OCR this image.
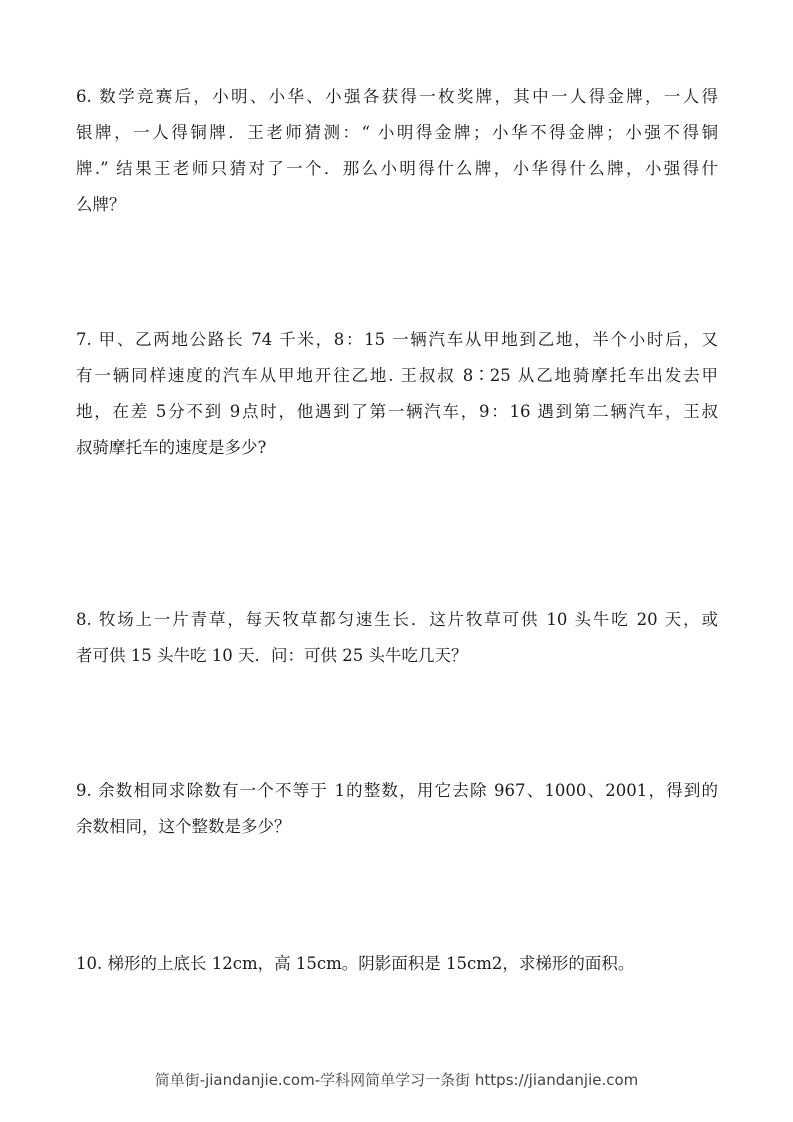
6. 数学竞赛后，小明、小华、小强各获得一枚奖牌，其中一人得金牌，一人得
银牌，一人得铜牌．王老师猜测：“ 小明得金牌；小华不得金牌；小强不得铜
牌.” 结果王老师只猜对了一个．那么小明得什么牌，小华得什么牌，小强得什
么牌？
7. 甲、乙两地公路长 74 千米，8：15 一辆汽车从甲地到乙地，半个小时后，又
有一辆同样速度的汽车从甲地开往乙地. 王叔叔 8∶25 从乙地骑摩托车出发去甲
地，在差 5分不到 9点时，他遇到了第一辆汽车，9：16 遇到第二辆汽车，王叔
叔骑摩托车的速度是多少?
8. 牧场上一片青草，每天牧草都匀速生长．这片牧草可供 10 头牛吃 20 天，或
者可供 15 头牛吃 10 天．问：可供 25 头牛吃几天？
9. 余数相同求除数有一个不等于 1的整数，用它去除 967、1000、2001，得到的
余数相同，这个整数是多少？
10. 梯形的上底长 12cm，高 15cm。阴影面积是 15cm2，求梯形的面积。
简单街-jiandanjie.com-学科网简单学习一条街 https://jiandanjie.com
